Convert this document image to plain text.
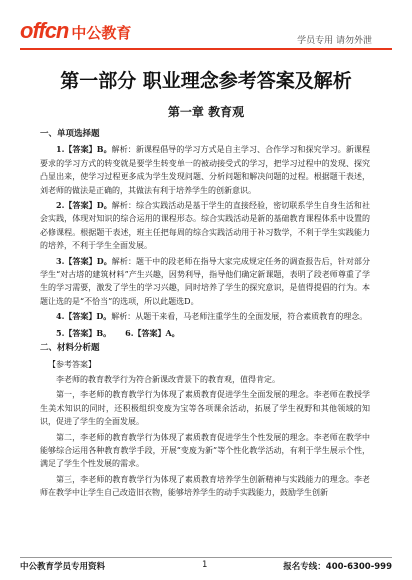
offcn 中公教育	学员专用 请勿外泄
第一部分 职业理念参考答案及解析
第一章 教育观
一、单项选择题

1.【答案】B。解析：新课程倡导的学习方式是自主学习、合作学习和探究学习。新课程要求的学习方式的转变就是要学生转变单一的被动接受式的学习，把学习过程中的发现、探究凸显出来，使学习过程更多成为学生发现问题、分析问题和解决问题的过程。根据题干表述，刘老师的做法是正确的，其做法有利于培养学生的创新意识。

2.【答案】D。解析：综合实践活动是基于学生的直接经验，密切联系学生自身生活和社会实践，体现对知识的综合运用的课程形态。综合实践活动是新的基础教育课程体系中设置的必修课程。根据题干表述，班主任把每周的综合实践活动用于补习数学，不利于学生实践能力的培养，不利于学生全面发展。

3.【答案】D。解析：题干中的段老师在指导大家完成规定任务的调查报告后，针对部分学生“对古塔的建筑材料”产生兴趣，因势利导，指导他们确定新课题，表明了段老师尊重了学生的学习需要，激发了学生的学习兴趣，同时培养了学生的探究意识，是值得提倡的行为。本题让选的是“不恰当”的选项，所以此题选D。

4.【答案】D。解析：从题干来看，马老师注重学生的全面发展，符合素质教育的理念。

5.【答案】B。 6.【答案】A。
二、材料分析题
【参考答案】

李老师的教育教学行为符合新课改背景下的教育观，值得肯定。

第一，李老师的教育教学行为体现了素质教育促进学生全面发展的理念。李老师在教授学生美术知识的同时，还积极组织变废为宝等各项课余活动，拓展了学生视野和其他领域的知识，促进了学生的全面发展。

第二，李老师的教育教学行为体现了素质教育促进学生个性发展的理念。李老师在教学中能够综合运用各种教育教学手段，开展“变废为新”等个性化教学活动，有利于学生展示个性，满足了学生个性发展的需求。

第三，李老师的教育教学行为体现了素质教育培养学生创新精神与实践能力的理念。李老师在教学中让学生自己改造旧衣物，能够培养学生的动手实践能力，鼓励学生创新

中公教育学员专用资料	1	报名专线：400-6300-999
